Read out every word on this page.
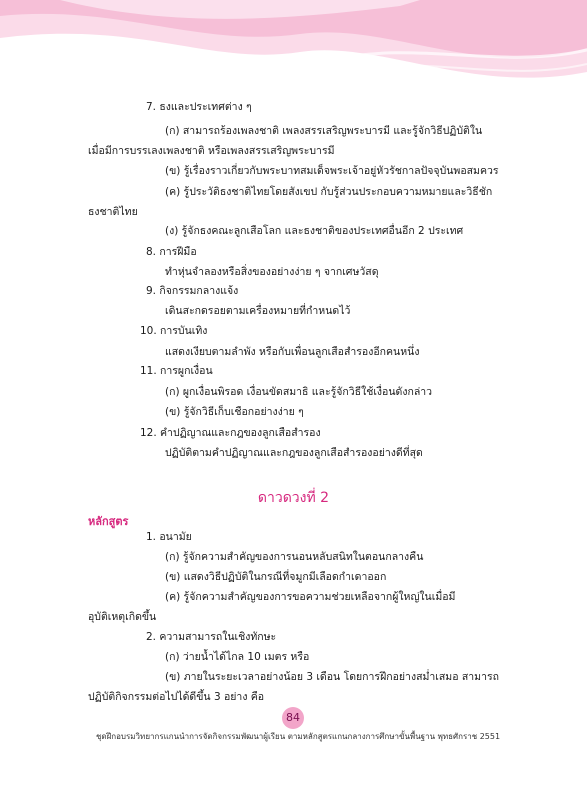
7. ธงและประเทศต่าง ๆ
(ก) สามารถร้องเพลงชาติ เพลงสรรเสริญพระบารมี และรู้จักวิธีปฏิบัติใน
เมื่อมีการบรรเลงเพลงชาติ หรือเพลงสรรเสริญพระบารมี
(ข) รู้เรื่องราวเกี่ยวกับพระบาทสมเด็จพระเจ้าอยู่หัวรัชกาลปัจจุบันพอสมควร
(ค) รู้ประวัติธงชาติไทยโดยสังเขป กับรู้ส่วนประกอบความหมายและวิธีชัก
ธงชาติไทย
(ง) รู้จักธงคณะลูกเสือโลก และธงชาติของประเทศอื่นอีก 2 ประเทศ
8. การฝีมือ
ทำหุ่นจำลองหรือสิ่งของอย่างง่าย ๆ จากเศษวัสดุ
9. กิจกรรมกลางแจ้ง
เดินสะกดรอยตามเครื่องหมายที่กำหนดไว้
10. การบันเทิง
แสดงเงียบตามลำพัง หรือกับเพื่อนลูกเสือสำรองอีกคนหนึ่ง
11. การผูกเงื่อน
(ก) ผูกเงื่อนพิรอด เงื่อนขัดสมาธิ และรู้จักวิธีใช้เงื่อนดังกล่าว
(ข) รู้จักวิธีเก็บเชือกอย่างง่าย ๆ
12. คำปฏิญาณและกฎของลูกเสือสำรอง
ปฏิบัติตามคำปฏิญาณและกฎของลูกเสือสำรองอย่างดีที่สุด
1. อนามัย
(ก) รู้จักความสำคัญของการนอนหลับสนิทในตอนกลางคืน
(ข) แสดงวิธีปฏิบัติในกรณีที่จมูกมีเลือดกำเดาออก
(ค) รู้จักความสำคัญของการขอความช่วยเหลือจากผู้ใหญ่ในเมื่อมี
อุบัติเหตุเกิดขึ้น
2. ความสามารถในเชิงทักษะ
(ก) ว่ายน้ำได้ไกล 10 เมตร หรือ
(ข) ภายในระยะเวลาอย่างน้อย 3 เดือน โดยการฝึกอย่างสม่ำเสมอ สามารถ
ปฏิบัติกิจกรรมต่อไปได้ดีขึ้น 3 อย่าง คือ
ดาวดวงที่ 2
หลักสูตร
84
ชุดฝึกอบรมวิทยากรแกนนำการจัดกิจกรรมพัฒนาผู้เรียน ตามหลักสูตรแกนกลางการศึกษาขั้นพื้นฐาน พุทธศักราช 2551
